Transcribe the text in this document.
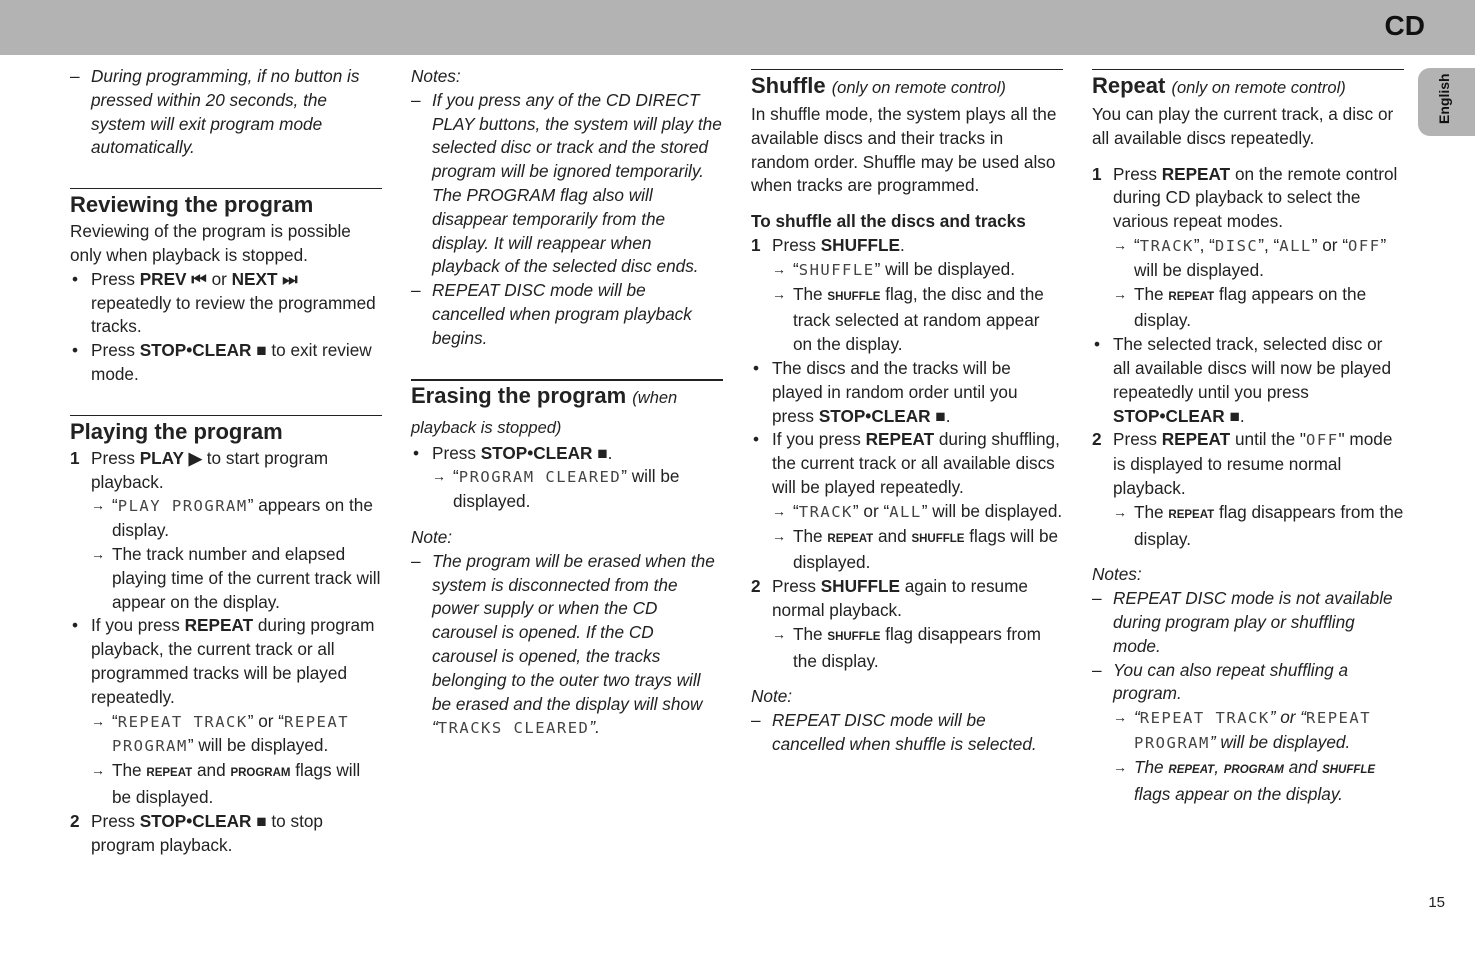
CD
English
15

– During programming, if no button is pressed within 20 seconds, the system will exit program mode automatically.

Reviewing the program

Reviewing of the program is possible only when playback is stopped.

• Press PREV ⏮ or NEXT ⏭ repeatedly to review the programmed tracks.

• Press STOP•CLEAR ■ to exit review mode.

Playing the program

1 Press PLAY ▶ to start program playback.

→ “PLAY PROGRAM” appears on the display.

→ The track number and elapsed playing time of the current track will appear on the display.

• If you press REPEAT during program playback, the current track or all programmed tracks will be played repeatedly.

→ “REPEAT TRACK” or “REPEAT PROGRAM” will be displayed.

→ The REPEAT and PROGRAM flags will be displayed.

2 Press STOP•CLEAR ■ to stop program playback.

Notes:

– If you press any of the CD DIRECT PLAY buttons, the system will play the selected disc or track and the stored program will be ignored temporarily. The PROGRAM flag also will disappear temporarily from the display. It will reappear when playback of the selected disc ends.

– REPEAT DISC mode will be cancelled when program playback begins.

Erasing the program (when playback is stopped)

• Press STOP•CLEAR ■.

→ “PROGRAM CLEARED” will be displayed.

Note:

– The program will be erased when the system is disconnected from the power supply or when the CD carousel is opened. If the CD carousel is opened, the tracks belonging to the outer two trays will be erased and the display will show “TRACKS CLEARED”.

Shuffle (only on remote control)

In shuffle mode, the system plays all the available discs and their tracks in random order. Shuffle may be used also when tracks are programmed.

To shuffle all the discs and tracks

1 Press SHUFFLE.

→ “SHUFFLE” will be displayed.

→ The SHUFFLE flag, the disc and the track selected at random appear on the display.

• The discs and the tracks will be played in random order until you press STOP•CLEAR ■.

• If you press REPEAT during shuffling, the current track or all available discs will be played repeatedly.

→ “TRACK” or “ALL” will be displayed.

→ The REPEAT and SHUFFLE flags will be displayed.

2 Press SHUFFLE again to resume normal playback.

→ The SHUFFLE flag disappears from the display.

Note:

– REPEAT DISC mode will be cancelled when shuffle is selected.

Repeat (only on remote control)

You can play the current track, a disc or all available discs repeatedly.

1 Press REPEAT on the remote control during CD playback to select the various repeat modes.

→ “TRACK”, “DISC”, “ALL” or “OFF” will be displayed.

→ The REPEAT flag appears on the display.

• The selected track, selected disc or all available discs will now be played repeatedly until you press STOP•CLEAR ■.

2 Press REPEAT until the "OFF" mode is displayed to resume normal playback.

→ The REPEAT flag disappears from the display.

Notes:

– REPEAT DISC mode is not available during program play or shuffling mode.

– You can also repeat shuffling a program.

→ “REPEAT TRACK” or “REPEAT PROGRAM” will be displayed.

→ The REPEAT, PROGRAM and SHUFFLE flags appear on the display.
